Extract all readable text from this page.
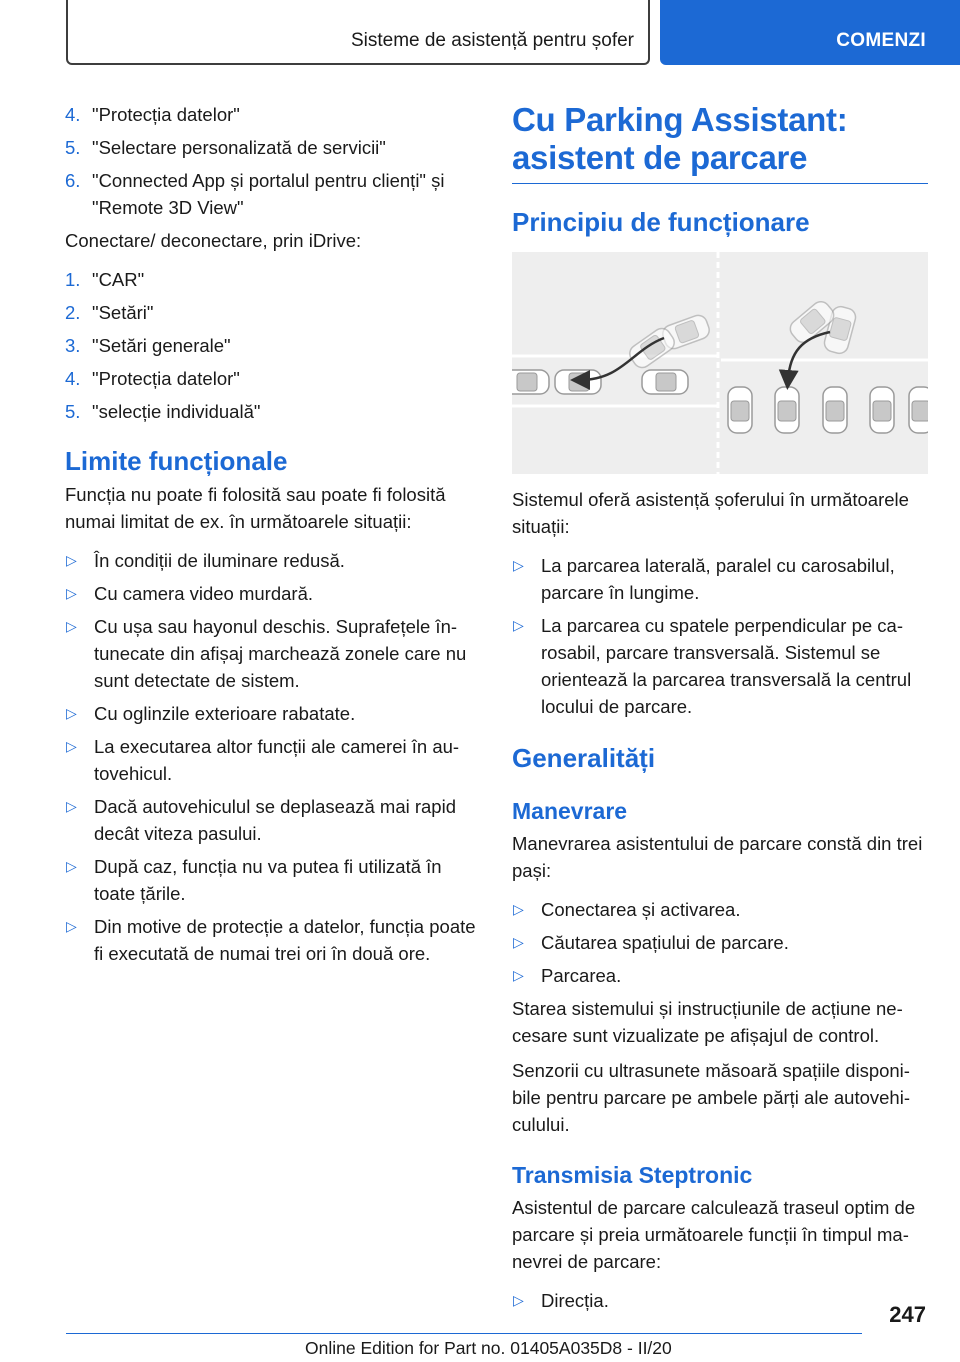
Sisteme de asistență pentru șofer	COMENZI
4. "Protecția datelor"
5. "Selectare personalizată de servicii"
6. "Connected App și portalul pentru clienți" și "Remote 3D View"

Conectare/ deconectare, prin iDrive:

1. "CAR"
2. "Setări"
3. "Setări generale"
4. "Protecția datelor"
5. "selecție individuală"
Limite funcționale

Funcția nu poate fi folosită sau poate fi folosită numai limitat de ex. în următoarele situații:

▷ În condiții de iluminare redusă.
▷ Cu camera video murdară.
▷ Cu ușa sau hayonul deschis. Suprafețele în-tunecate din afișaj marchează zonele care nu sunt detectate de sistem.
▷ Cu oglinzile exterioare rabatate.
▷ La executarea altor funcții ale camerei în au-tovehicul.
▷ Dacă autovehiculul se deplasează mai rapid decât viteza pasului.
▷ După caz, funcția nu va putea fi utilizată în toate țările.
▷ Din motive de protecție a datelor, funcția poate fi executată de numai trei ori în două ore.
Cu Parking Assistant: asistent de parcare
Principiu de funcționare

Sistemul oferă asistență șoferului în următoarele situații:

▷ La parcarea laterală, paralel cu carosabilul, parcare în lungime.
▷ La parcarea cu spatele perpendicular pe ca-rosabil, parcare transversală. Sistemul se orientează la parcarea transversală la centrul locului de parcare.
Generalități
Manevrare

Manevrarea asistentului de parcare constă din trei pași:

▷ Conectarea și activarea.
▷ Căutarea spațiului de parcare.
▷ Parcarea.

Starea sistemului și instrucțiunile de acțiune ne-cesare sunt vizualizate pe afișajul de control.

Senzorii cu ultrasunete măsoară spațiile disponi-bile pentru parcare pe ambele părți ale autovehi-culului.

Transmisia Steptronic

Asistentul de parcare calculează traseul optim de parcare și preia următoarele funcții în timpul ma-nevrei de parcare:

▷ Direcția.
247
Online Edition for Part no. 01405A035D8 - II/20
